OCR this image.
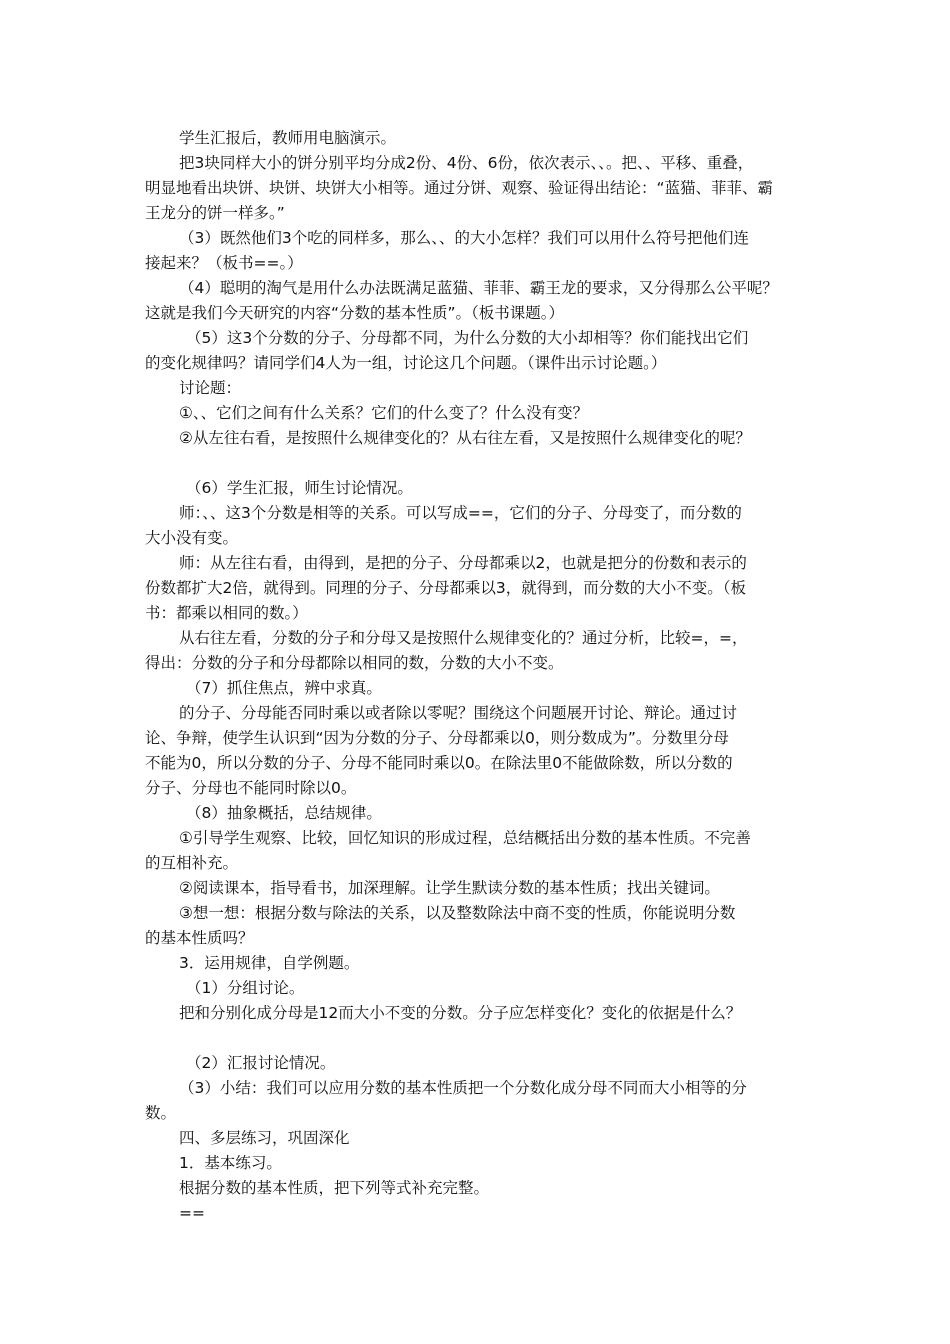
学生汇报后，教师用电脑演示。
把3块同样大小的饼分别平均分成2份、4份、6份，依次表示、、。把、、平移、重叠，
明显地看出块饼、块饼、块饼大小相等。通过分饼、观察、验证得出结论：“蓝猫、菲菲、霸
王龙分的饼一样多。”
（3）既然他们3个吃的同样多，那么、、的大小怎样？我们可以用什么符号把他们连
接起来？（板书==。）
（4）聪明的淘气是用什么办法既满足蓝猫、菲菲、霸王龙的要求，又分得那么公平呢？
这就是我们今天研究的内容“分数的基本性质”。（板书课题。）
（5）这3个分数的分子、分母都不同，为什么分数的大小却相等？你们能找出它们
的变化规律吗？请同学们4人为一组，讨论这几个问题。（课件出示讨论题。）
讨论题：
①、、它们之间有什么关系？它们的什么变了？什么没有变？
②从左往右看，是按照什么规律变化的？从右往左看，又是按照什么规律变化的呢？
（6）学生汇报，师生讨论情况。
师：、、这3个分数是相等的关系。可以写成==，它们的分子、分母变了，而分数的
大小没有变。
师：从左往右看，由得到，是把的分子、分母都乘以2，也就是把分的份数和表示的
份数都扩大2倍，就得到。同理的分子、分母都乘以3，就得到，而分数的大小不变。（板
书：都乘以相同的数。）
从右往左看，分数的分子和分母又是按照什么规律变化的？通过分析，比较=，=，
得出：分数的分子和分母都除以相同的数，分数的大小不变。
（7）抓住焦点，辨中求真。
的分子、分母能否同时乘以或者除以零呢？围绕这个问题展开讨论、辩论。通过讨
论、争辩，使学生认识到“因为分数的分子、分母都乘以0，则分数成为”。分数里分母
不能为0，所以分数的分子、分母不能同时乘以0。在除法里0不能做除数，所以分数的
分子、分母也不能同时除以0。
（8）抽象概括，总结规律。
①引导学生观察、比较，回忆知识的形成过程，总结概括出分数的基本性质。不完善
的互相补充。
②阅读课本，指导看书，加深理解。让学生默读分数的基本性质；找出关键词。
③想一想：根据分数与除法的关系，以及整数除法中商不变的性质，你能说明分数
的基本性质吗？
3．运用规律，自学例题。
（1）分组讨论。
把和分别化成分母是12而大小不变的分数。分子应怎样变化？变化的依据是什么？
（2）汇报讨论情况。
（3）小结：我们可以应用分数的基本性质把一个分数化成分母不同而大小相等的分
数。
四、多层练习，巩固深化
1．基本练习。
根据分数的基本性质，把下列等式补充完整。
==
